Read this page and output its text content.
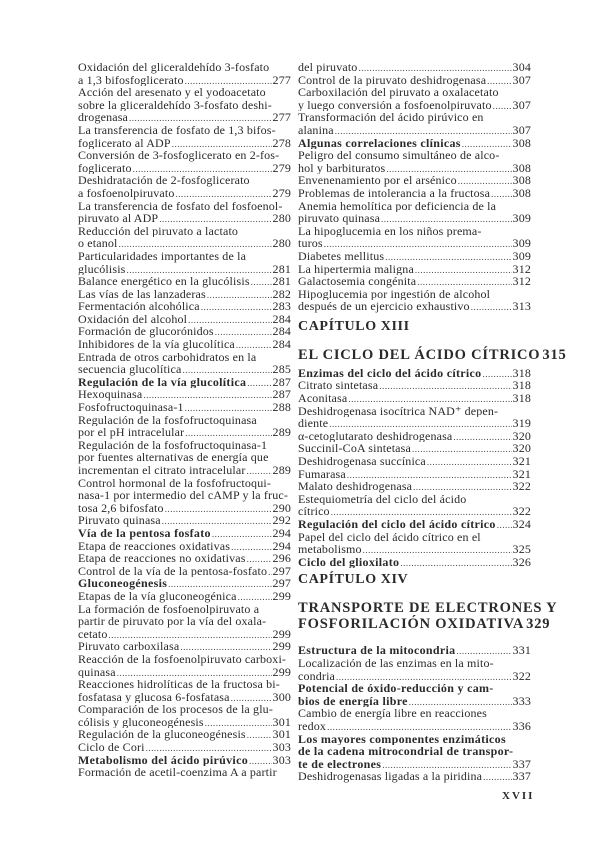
Oxidación del gliceraldehído 3-fosfato
a 1,3 bifosfoglicerato .....	277
Acción del aresenato y el yodoacetato
sobre la gliceraldehído 3-fosfato deshi-
drogenasa .....	277
La transferencia de fosfato de 1,3 bifos-
foglicerato al ADP .....	278
Conversión de 3-fosfoglicerato en 2-fos-
foglicerato .....	279
Deshidratación de 2-fosfoglicerato
a fosfoenolpiruvato .....	279
La transferencia de fosfato del fosfoenol-
piruvato al ADP .....	280
Reducción del piruvato a lactato
o etanol .....	280
Particularidades importantes de la
glucólisis .....	281
Balance energético en la glucólisis ..... 281
Las vías de las lanzaderas .....	282
Fermentación alcohólica .....	283
Oxidación del alcohol .....	284
Formación de glucorónidos .....	284
Inhibidores de la vía glucolítica .....	284
Entrada de otros carbohidratos en la
secuencia glucolítica .....	285
Regulación de la vía glucolítica ..... 287
Hexoquinasa .....	287
Fosfofructoquinasa-1 .....	288
Regulación de la fosfofructoquinasa
por el pH intracelular .....	289
Regulación de la fosfofructoquinasa-1
por fuentes alternativas de energía que
incrementan el citrato intracelular ..... 289
Control hormonal de la fosfofructoqui-
nasa-1 por intermedio del cAMP y la fruc-
tosa 2,6 bifosfato .....	290
Piruvato quinasa .....	292
Vía de la pentosa fosfato .....	294
Etapa de reacciones oxidativas .....	294
Etapa de reacciones no oxidativas ..... 296
Control de la vía de la pentosa-fosfato ..... 297
Gluconeogénesis .....	297
Etapas de la vía gluconeogénica .....	299
La formación de fosfoenolpiruvato a
partir de piruvato por la vía del oxala-
cetato .....	299
Piruvato carboxilasa .....	299
Reacción de la fosfoenolpiruvato carboxi-
quinasa .....	299
Reacciones hidrolíticas de la fructosa bi-
fosfatasa y glucosa 6-fosfatasa .....	300
Comparación de los procesos de la glu-
cólisis y gluconeogénesis .....	301
Regulación de la gluconeogénesis ..... 301
Ciclo de Cori .....	303
Metabolismo del ácido pirúvico ..... 303
Formación de acetil-coenzima A a partir
del piruvato .....	304
Control de la piruvato deshidrogenasa ..... 307
Carboxilación del piruvato a oxalacetato
y luego conversión a fosfoenolpiruvato ..... 307
Transformación del ácido pirúvico en
alanina .....	307
Algunas correlaciones clínicas .....	308
Peligro del consumo simultáneo de alco-
hol y barbituratos .....	308
Envenenamiento por el arsénico .....	308
Problemas de intolerancia a la fructosa ..... 308
Anemia hemolítica por deficiencia de la
piruvato quinasa .....	309
La hipoglucemia en los niños prema-
turos .....	309
Diabetes mellitus .....	309
La hipertermia maligna .....	312
Galactosemia congénita .....	312
Hipoglucemia por ingestión de alcohol
después de un ejercicio exhaustivo .....	313
CAPÍTULO XIII
EL CICLO DEL ÁCIDO CÍTRICO 315
Enzimas del ciclo del ácido cítrico .....	318
Citrato sintetasa .....	318
Aconitasa .....	318
Deshidrogenasa isocítrica NAD⁺ depen-
diente .....	319
α-cetoglutarato deshidrogenasa .....	320
Succinil-CoA sintetasa .....	320
Deshidrogenasa succínica .....	321
Fumarasa .....	321
Malato deshidrogenasa .....	322
Estequiometría del ciclo del ácido
cítrico .....	322
Regulación del ciclo del ácido cítrico ..... 324
Papel del ciclo del ácido cítrico en el
metabolismo .....	325
Ciclo del glioxilato .....	326
CAPÍTULO XIV
TRANSPORTE DE ELECTRONES Y
FOSFORILACIÓN OXIDATIVA 329
Estructura de la mitocondria .....	331
Localización de las enzimas en la mito-
condria .....	322
Potencial de óxido-reducción y cam-
bios de energía libre .....	333
Cambio de energía libre en reacciones
redox .....	336
Los mayores componentes enzimáticos
de la cadena mitrocondrial de transpor-
te de electrones .....	337
Deshidrogenasas ligadas a la piridina .....	337
XVII
